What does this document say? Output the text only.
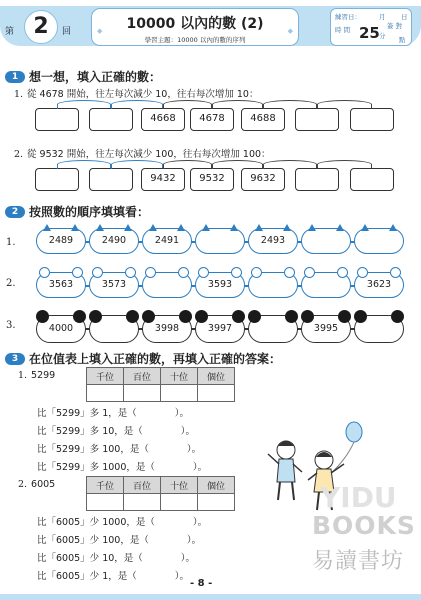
第 2	回	◆	◆
10000 以內的數 (2)
學習主題：10000 以內的數的序列
練習日：	月 日
時 間 25 分
簽 對
點
1 想一想，填入正確的數：
1. 從 4678 開始，往左每次減少 10，往右每次增加 10：
4668	4678	4688
2. 從 9532 開始，往左每次減少 100，往右每次增加 100：
9432	9532	9632
2 按照數的順序填填看：
1.	2489	2490	2491	2493
2.	3563	3573	3593	3623
3.	4000	3998	3997	3995
3 在位值表上填入正確的數，再填入正確的答案：
1. 5299	千位	百位	十位	個位

比「5299」多 1，是（　　　　）。
比「5299」多 10，是（　　　　）。
比「5299」多 100，是（　　　　）。
比「5299」多 1000，是（　　　　）。
2. 6005	千位	百位	十位	個位

比「6005」少 1000，是（　　　　）。
比「6005」少 100，是（　　　　）。
比「6005」少 10，是（　　　　）。
比「6005」少 1，是（　　　　）。
YIDU
BOOKS
易讀書坊
- 8 -
